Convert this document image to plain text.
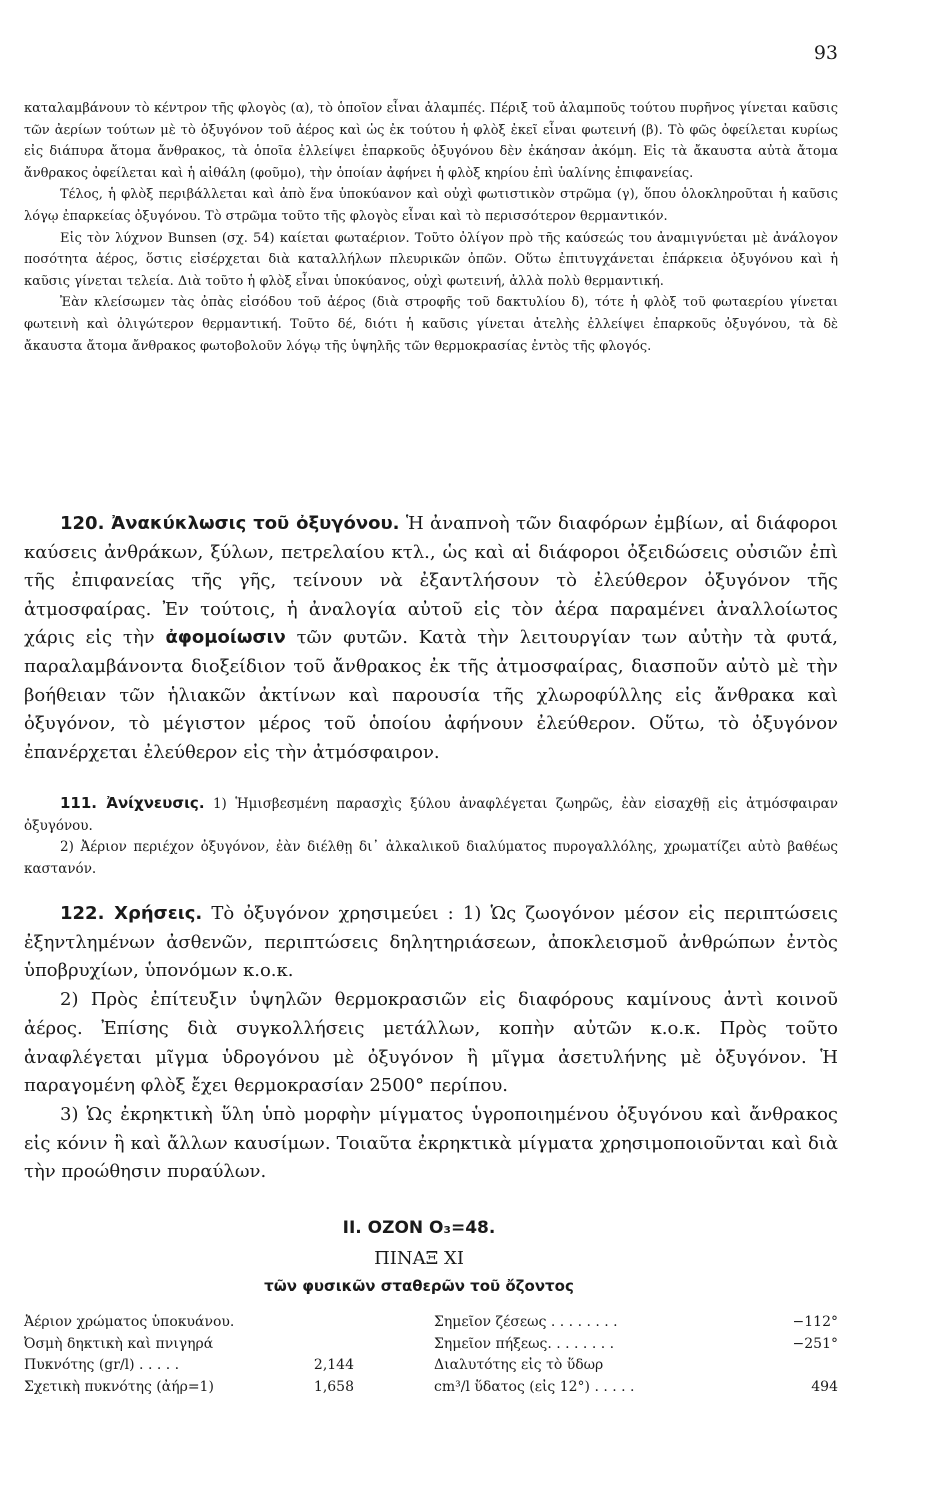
93

καταλαμβάνουν τὸ κέντρον τῆς φλογὸς (α), τὸ ὁποῖον εἶναι ἀλαμπές. Πέριξ τοῦ ἀλαμποῦς τούτου πυρῆνος γίνεται καῦσις τῶν ἀερίων τούτων μὲ τὸ ὀξυγόνον τοῦ ἀέρος καὶ ὡς ἐκ τούτου ἡ φλὸξ ἐκεῖ εἶναι φωτεινή (β). Τὸ φῶς ὀφείλεται κυρίως εἰς διάπυρα ἄτομα ἄνθρακος, τὰ ὁποῖα ἐλλείψει ἐπαρκοῦς ὀξυγόνου δὲν ἐκάησαν ἀκόμη. Εἰς τὰ ἄκαυστα αὐτὰ ἄτομα ἄνθρακος ὀφείλεται καὶ ἡ αἰθάλη (φοῦμο), τὴν ὁποίαν ἀφήνει ἡ φλὸξ κηρίου ἐπὶ ὑαλίνης ἐπιφανείας.

Τέλος, ἡ φλὸξ περιβάλλεται καὶ ἀπὸ ἕνα ὑποκύανον καὶ οὐχὶ φωτιστικὸν στρῶμα (γ), ὅπου ὁλοκληροῦται ἡ καῦσις λόγῳ ἐπαρκείας ὀξυγόνου. Τὸ στρῶμα τοῦτο τῆς φλογὸς εἶναι καὶ τὸ περισσότερον θερμαντικόν.

Εἰς τὸν λύχνον Bunsen (σχ. 54) καίεται φωταέριον. Τοῦτο ὀλίγον πρὸ τῆς καύσεώς του ἀναμιγνύεται μὲ ἀνάλογον ποσότητα ἀέρος, ὅστις εἰσέρχεται διὰ καταλλήλων πλευρικῶν ὀπῶν. Οὕτω ἐπιτυγχάνεται ἐπάρκεια ὀξυγόνου καὶ ἡ καῦσις γίνεται τελεία. Διὰ τοῦτο ἡ φλὸξ εἶναι ὑποκύανος, οὐχὶ φωτεινή, ἀλλὰ πολὺ θερμαντική.

Ἐὰν κλείσωμεν τὰς ὀπὰς εἰσόδου τοῦ ἀέρος (διὰ στροφῆς τοῦ δακτυλίου δ), τότε ἡ φλὸξ τοῦ φωταερίου γίνεται φωτεινὴ καὶ ὀλιγώτερον θερμαντική. Τοῦτο δέ, διότι ἡ καῦσις γίνεται ἀτελὴς ἐλλείψει ἐπαρκοῦς ὀξυγόνου, τὰ δὲ ἄκαυστα ἄτομα ἄνθρακος φωτοβολοῦν λόγῳ τῆς ὑψηλῆς τῶν θερμοκρασίας ἐντὸς τῆς φλογός.

120. Ἀνακύκλωσις τοῦ ὀξυγόνου. Ἡ ἀναπνοὴ τῶν διαφόρων ἐμβίων, αἱ διάφοροι καύσεις ἀνθράκων, ξύλων, πετρελαίου κτλ., ὡς καὶ αἱ διάφοροι ὀξειδώσεις οὐσιῶν ἐπὶ τῆς ἐπιφανείας τῆς γῆς, τείνουν νὰ ἐξαντλήσουν τὸ ἐλεύθερον ὀξυγόνον τῆς ἀτμοσφαίρας. Ἐν τούτοις, ἡ ἀναλογία αὐτοῦ εἰς τὸν ἀέρα παραμένει ἀναλλοίωτος χάρις εἰς τὴν ἀφομοίωσιν τῶν φυτῶν. Κατὰ τὴν λειτουργίαν των αὐτὴν τὰ φυτά, παραλαμβάνοντα διοξείδιον τοῦ ἄνθρακος ἐκ τῆς ἀτμοσφαίρας, διασποῦν αὐτὸ μὲ τὴν βοήθειαν τῶν ἡλιακῶν ἀκτίνων καὶ παρουσία τῆς χλωροφύλλης εἰς ἄνθρακα καὶ ὀξυγόνον, τὸ μέγιστον μέρος τοῦ ὁποίου ἀφήνουν ἐλεύθερον. Οὕτω, τὸ ὀξυγόνον ἐπανέρχεται ἐλεύθερον εἰς τὴν ἀτμόσφαιρον.

111. Ἀνίχνευσις. 1) Ἡμισβεσμένη παρασχὶς ξύλου ἀναφλέγεται ζωηρῶς, ἐὰν εἰσαχθῇ εἰς ἀτμόσφαιραν ὀξυγόνου.

2) Ἀέριον περιέχον ὀξυγόνον, ἐὰν διέλθῃ δι᾽ ἀλκαλικοῦ διαλύματος πυρογαλλόλης, χρωματίζει αὐτὸ βαθέως καστανόν.

122. Χρήσεις. Τὸ ὀξυγόνον χρησιμεύει : 1) Ὡς ζωογόνον μέσον εἰς περιπτώσεις ἐξηντλημένων ἀσθενῶν, περιπτώσεις δηλητηριάσεων, ἀποκλεισμοῦ ἀνθρώπων ἐντὸς ὑποβρυχίων, ὑπονόμων κ.ο.κ.

2) Πρὸς ἐπίτευξιν ὑψηλῶν θερμοκρασιῶν εἰς διαφόρους καμίνους ἀντὶ κοινοῦ ἀέρος. Ἐπίσης διὰ συγκολλήσεις μετάλλων, κοπὴν αὐτῶν κ.ο.κ. Πρὸς τοῦτο ἀναφλέγεται μῖγμα ὑδρογόνου μὲ ὀξυγόνον ἢ μῖγμα ἀσετυλήνης μὲ ὀξυγόνον. Ἡ παραγομένη φλὸξ ἔχει θερμοκρασίαν 2500° περίπου.

3) Ὡς ἐκρηκτικὴ ὕλη ὑπὸ μορφὴν μίγματος ὑγροποιημένου ὀξυγόνου καὶ ἄνθρακος εἰς κόνιν ἢ καὶ ἄλλων καυσίμων. Τοιαῦτα ἐκρηκτικὰ μίγματα χρησιμοποιοῦνται καὶ διὰ τὴν προώθησιν πυραύλων.

II. ΟΖΟΝ O₃=48.
ΠΙΝΑΞ XI
τῶν φυσικῶν σταθερῶν τοῦ ὄζοντος
Ἀέριον χρώματος ὑποκυάνου.
Ὀσμὴ δηκτικὴ καὶ πνιγηρά
Πυκνότης (gr/l) . . . . .	2,144
Σχετικὴ πυκνότης (ἀήρ=1)	1,658
Σημεῖον ζέσεως . . . . . . . .	−112°
Σημεῖον πήξεως. . . . . . . .	−251°
Διαλυτότης εἰς τὸ ὕδωρ
cm³/l ὕδατος (εἰς 12°) . . . . .	494
